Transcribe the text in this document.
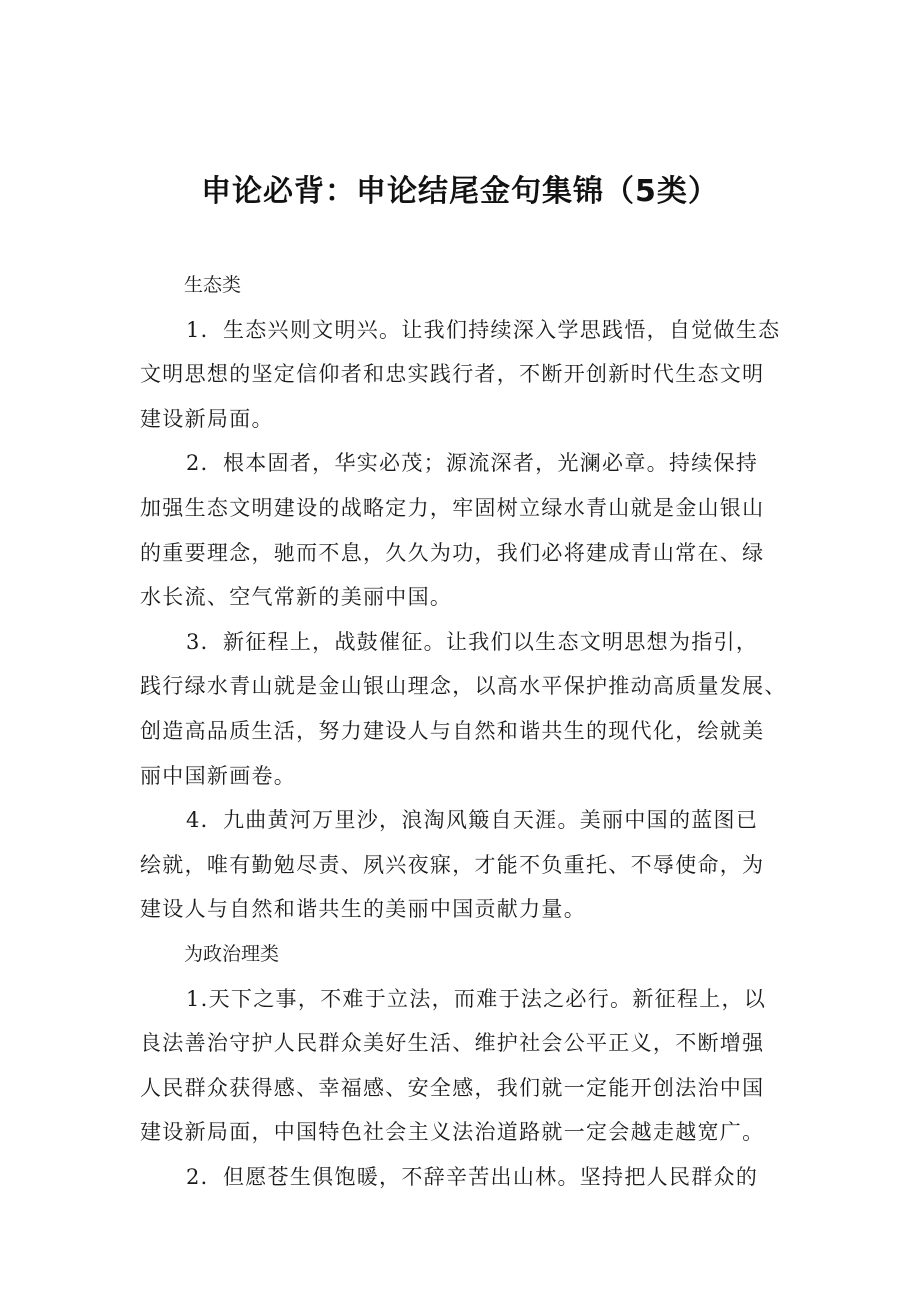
申论必背：申论结尾金句集锦（5类）

生态类

1．生态兴则文明兴。让我们持续深入学思践悟，自觉做生态
文明思想的坚定信仰者和忠实践行者，不断开创新时代生态文明
建设新局面。

2．根本固者，华实必茂；源流深者，光澜必章。持续保持
加强生态文明建设的战略定力，牢固树立绿水青山就是金山银山
的重要理念，驰而不息，久久为功，我们必将建成青山常在、绿
水长流、空气常新的美丽中国。

3．新征程上，战鼓催征。让我们以生态文明思想为指引，
践行绿水青山就是金山银山理念，以高水平保护推动高质量发展、
创造高品质生活，努力建设人与自然和谐共生的现代化，绘就美
丽中国新画卷。

4．九曲黄河万里沙，浪淘风簸自天涯。美丽中国的蓝图已
绘就，唯有勤勉尽责、夙兴夜寐，才能不负重托、不辱使命，为
建设人与自然和谐共生的美丽中国贡献力量。

为政治理类

1.天下之事，不难于立法，而难于法之必行。新征程上，以
良法善治守护人民群众美好生活、维护社会公平正义，不断增强
人民群众获得感、幸福感、安全感，我们就一定能开创法治中国
建设新局面，中国特色社会主义法治道路就一定会越走越宽广。

2．但愿苍生俱饱暖，不辞辛苦出山林。坚持把人民群众的
